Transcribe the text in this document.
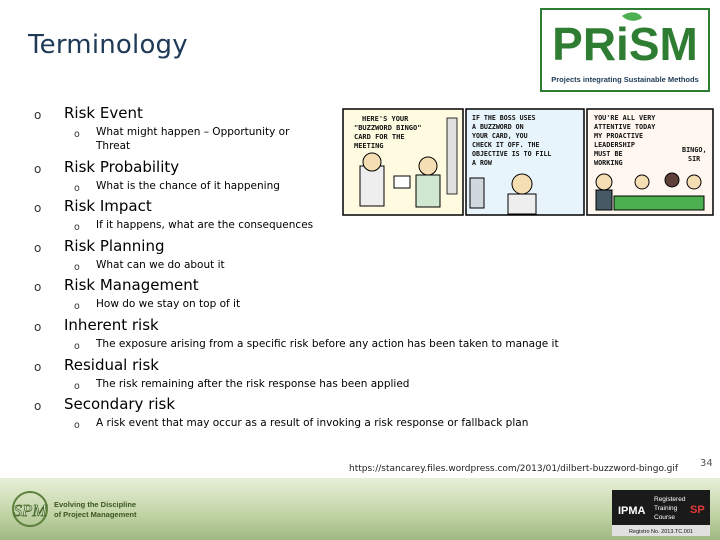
Terminology	PRiSM
Projects integrating Sustainable Methods
o Risk Event
o What might happen – Opportunity or
Threat
o Risk Probability
o What is the chance of it happening
o Risk Impact
o If it happens, what are the consequences
o Risk Planning
o What can we do about it
o Risk Management
o How do we stay on top of it
o Inherent risk
o The exposure arising from a specific risk before any action has been taken to manage it
o Residual risk
o The risk remaining after the risk response has been applied
o Secondary risk
o A risk event that may occur as a result of invoking a risk response or fallback plan
HERE'S YOUR
"BUZZWORD BINGO"
CARD FOR THE
MEETING
IF THE BOSS USES
A BUZZWORD ON
YOUR CARD, YOU
CHECK IT OFF. THE
OBJECTIVE IS TO FILL
A ROW
YOU'RE ALL VERY
ATTENTIVE TODAY
MY PROACTIVE
LEADERSHIP
MUST BE
WORKING
BINGO,
SIR
https://stancarey.files.wordpress.com/2013/01/dilbert-buzzword-bingo.gif 34
SPM Evolving the Discipline
of Project Management	IPMA
Registered
Training
Course
SP
Registro No. 2013.TC.001
